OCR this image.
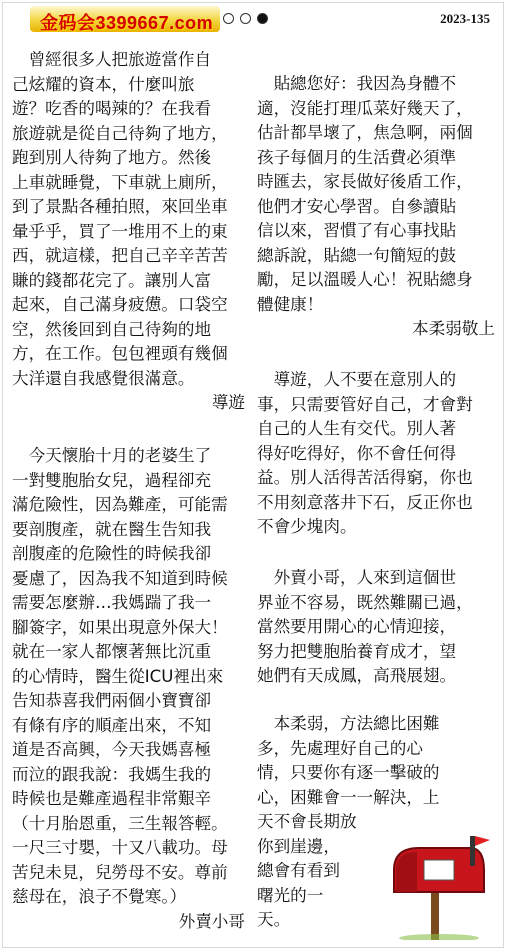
金码会3399667.com	2023-135

曾經很多人把旅遊當作自
己炫耀的資本，什麼叫旅
遊？吃香的喝辣的？在我看
旅遊就是從自己待夠了地方，
跑到別人待夠了地方。然後
上車就睡覺，下車就上廁所，
到了景點各種拍照，來回坐車
暈乎乎，買了一堆用不上的東
西，就這樣，把自己辛辛苦苦
賺的錢都花完了。讓別人富
起來，自己滿身疲憊。口袋空
空，然後回到自己待夠的地
方，在工作。包包裡頭有幾個
大洋還自我感覺很滿意。

導遊

今天懷胎十月的老婆生了
一對雙胞胎女兒，過程卻充
滿危險性，因為難產，可能需
要剖腹產，就在醫生告知我
剖腹產的危險性的時候我卻
憂慮了，因為我不知道到時候
需要怎麼辦…我媽踹了我一
腳簽字，如果出現意外保大！
就在一家人都懷著無比沉重
的心情時，醫生從ICU裡出來
告知恭喜我們兩個小寶寶卻
有條有序的順產出來，不知
道是否高興，今天我媽喜極
而泣的跟我說：我媽生我的
時候也是難產過程非常艱辛
（十月胎恩重，三生報答輕。
一尺三寸嬰，十又八載功。母
苦兒未見，兒勞母不安。尊前
慈母在，浪子不覺寒。）

外賣小哥

貼總您好：我因為身體不
適，沒能打理瓜菜好幾天了，
估計都旱壞了，焦急啊，兩個
孩子每個月的生活費必須準
時匯去，家長做好後盾工作，
他們才安心學習。自參讀貼
信以來，習慣了有心事找貼
總訴說，貼總一句簡短的鼓
勵，足以溫暖人心！祝貼總身
體健康！

本柔弱敬上

導遊，人不要在意別人的
事，只需要管好自己，才會對
自己的人生有交代。別人著
得好吃得好，你不會任何得
益。別人活得苦活得窮，你也
不用刻意落井下石，反正你也
不會少塊肉。

外賣小哥，人來到這個世
界並不容易，既然難關已過，
當然要用開心的心情迎接，
努力把雙胞胎養育成才，望
她們有天成鳳，高飛展翅。

本柔弱，方法總比困難
多，先處理好自己的心
情，只要你有逐一擊破的
心，困難會一一解決，上
天不會長期放
你到崖邊，
總會有看到
曙光的一
天。
